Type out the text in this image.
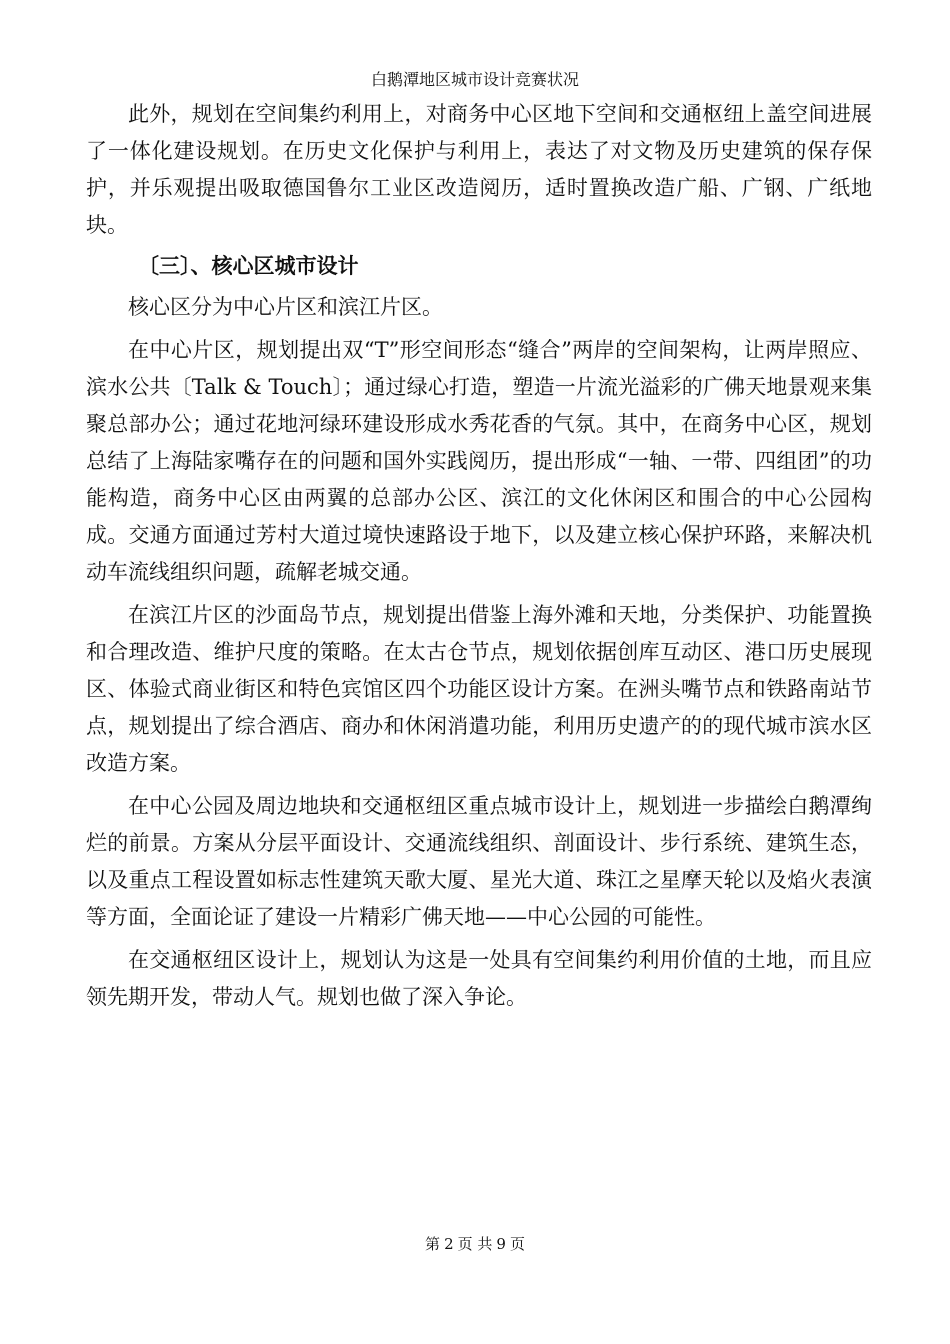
白鹅潭地区城市设计竞赛状况

此外，规划在空间集约利用上，对商务中心区地下空间和交通枢纽上盖空间进展了一体化建设规划。在历史文化保护与利用上，表达了对文物及历史建筑的保存保护，并乐观提出吸取德国鲁尔工业区改造阅历，适时置换改造广船、广钢、广纸地块。

〔三〕、核心区城市设计

核心区分为中心片区和滨江片区。

在中心片区，规划提出双“T”形空间形态“缝合”两岸的空间架构，让两岸照应、滨水公共〔Talk & Touch〕；通过绿心打造，塑造一片流光溢彩的广佛天地景观来集聚总部办公；通过花地河绿环建设形成水秀花香的气氛。其中，在商务中心区，规划总结了上海陆家嘴存在的问题和国外实践阅历，提出形成“一轴、一带、四组团”的功能构造，商务中心区由两翼的总部办公区、滨江的文化休闲区和围合的中心公园构成。交通方面通过芳村大道过境快速路设于地下，以及建立核心保护环路，来解决机动车流线组织问题，疏解老城交通。

在滨江片区的沙面岛节点，规划提出借鉴上海外滩和天地，分类保护、功能置换和合理改造、维护尺度的策略。在太古仓节点，规划依据创库互动区、港口历史展现区、体验式商业街区和特色宾馆区四个功能区设计方案。在洲头嘴节点和铁路南站节点，规划提出了综合酒店、商办和休闲消遣功能，利用历史遗产的的现代城市滨水区改造方案。

在中心公园及周边地块和交通枢纽区重点城市设计上，规划进一步描绘白鹅潭绚烂的前景。方案从分层平面设计、交通流线组织、剖面设计、步行系统、建筑生态，以及重点工程设置如标志性建筑天歌大厦、星光大道、珠江之星摩天轮以及焰火表演等方面，全面论证了建设一片精彩广佛天地——中心公园的可能性。

在交通枢纽区设计上，规划认为这是一处具有空间集约利用价值的土地，而且应领先期开发，带动人气。规划也做了深入争论。

第 2 页 共 9 页
